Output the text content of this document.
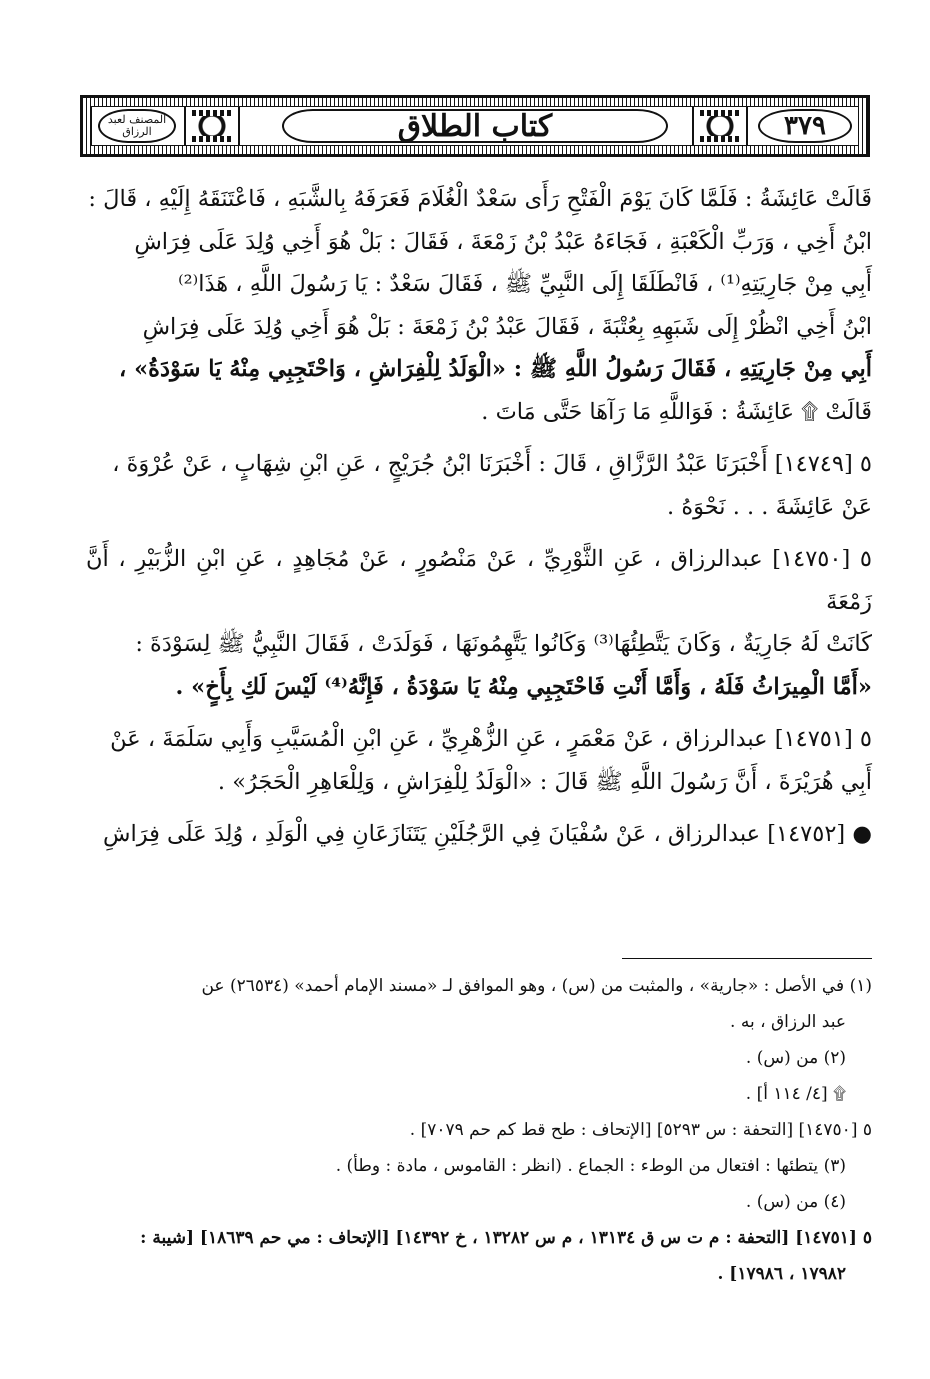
المصنف لعبد الرزاق	كتاب الطلاق	٣٧٩

قَالَتْ عَائِشَةُ : فَلَمَّا كَانَ يَوْمَ الْفَتْحِ رَأَى سَعْدٌ الْغُلَامَ فَعَرَفَهُ بِالشَّبَهِ ، فَاعْتَنَقَهُ إِلَيْهِ ، قَالَ :

ابْنُ أَخِي ، وَرَبِّ الْكَعْبَةِ ، فَجَاءَهُ عَبْدُ بْنُ زَمْعَةَ ، فَقَالَ : بَلْ هُوَ أَخِي وُلِدَ عَلَى فِرَاشِ

أَبِي مِنْ جَارِيَتِهِ⁽¹⁾ ، فَانْطَلَقَا إِلَى النَّبِيِّ ﷺ ، فَقَالَ سَعْدٌ : يَا رَسُولَ اللَّهِ ، هَذَا⁽²⁾

ابْنُ أَخِي انْظُرْ إِلَى شَبَهِهِ بِعُتْبَةَ ، فَقَالَ عَبْدُ بْنُ زَمْعَةَ : بَلْ هُوَ أَخِي وُلِدَ عَلَى فِرَاشِ

أَبِي مِنْ جَارِيَتِهِ ، فَقَالَ رَسُولُ اللَّهِ ﷺ : «الْوَلَدُ لِلْفِرَاشِ ، وَاحْتَجِبِي مِنْهُ يَا سَوْدَةُ» ،

قَالَتْ ۩ عَائِشَةُ : فَوَاللَّهِ مَا رَآهَا حَتَّى مَاتَ .

٥ [١٤٧٤٩] أَخْبَرَنَا عَبْدُ الرَّزَّاقِ ، قَالَ : أَخْبَرَنَا ابْنُ جُرَيْجٍ ، عَنِ ابْنِ شِهَابٍ ، عَنْ عُرْوَةَ ،

عَنْ عَائِشَةَ . . . نَحْوَهُ .

٥ [١٤٧٥٠] عبدالرزاق ، عَنِ الثَّوْرِيِّ ، عَنْ مَنْصُورٍ ، عَنْ مُجَاهِدٍ ، عَنِ ابْنِ الزُّبَيْرِ ، أَنَّ زَمْعَةَ

كَانَتْ لَهُ جَارِيَةٌ ، وَكَانَ يَتَّطِئُهَا⁽³⁾ وَكَانُوا يَتَّهِمُونَهَا ، فَوَلَدَتْ ، فَقَالَ النَّبِيُّ ﷺ لِسَوْدَةَ :

«أَمَّا الْمِيرَاثُ فَلَهُ ، وَأَمَّا أَنْتِ فَاحْتَجِبِي مِنْهُ يَا سَوْدَةُ ، فَإِنَّهُ⁽⁴⁾ لَيْسَ لَكِ بِأَخٍ» .

٥ [١٤٧٥١] عبدالرزاق ، عَنْ مَعْمَرٍ ، عَنِ الزُّهْرِيِّ ، عَنِ ابْنِ الْمُسَيَّبِ وَأَبِي سَلَمَةَ ، عَنْ

أَبِي هُرَيْرَةَ ، أَنَّ رَسُولَ اللَّهِ ﷺ قَالَ : «الْوَلَدُ لِلْفِرَاشِ ، وَلِلْعَاهِرِ الْحَجَرُ» .

● [١٤٧٥٢] عبدالرزاق ، عَنْ سُفْيَانَ فِي الرَّجُلَيْنِ يَتَنَازَعَانِ فِي الْوَلَدِ ، وُلِدَ عَلَى فِرَاشِ

(١) في الأصل : «جارية» ، والمثبت من (س) ، وهو الموافق لـ «مسند الإمام أحمد» (٢٦٥٣٤) عن

عبد الرزاق ، به .

(٢) من (س) .

۩ [٤/ ١١٤ أ] .

٥ [١٤٧٥٠] [التحفة : س ٥٢٩٣] [الإتحاف : طح قط كم حم ٧٠٧٩] .

(٣) يتطئها : افتعال من الوطء : الجماع . (انظر : القاموس ، مادة : وطأ) .

(٤) من (س) .

٥ [١٤٧٥١] [التحفة : م ت س ق ١٣١٣٤ ، م س ١٣٢٨٢ ، خ ١٤٣٩٢] [الإتحاف : مي حم ١٨٦٣٩] [شيبة :

١٧٩٨٢ ، ١٧٩٨٦] .
